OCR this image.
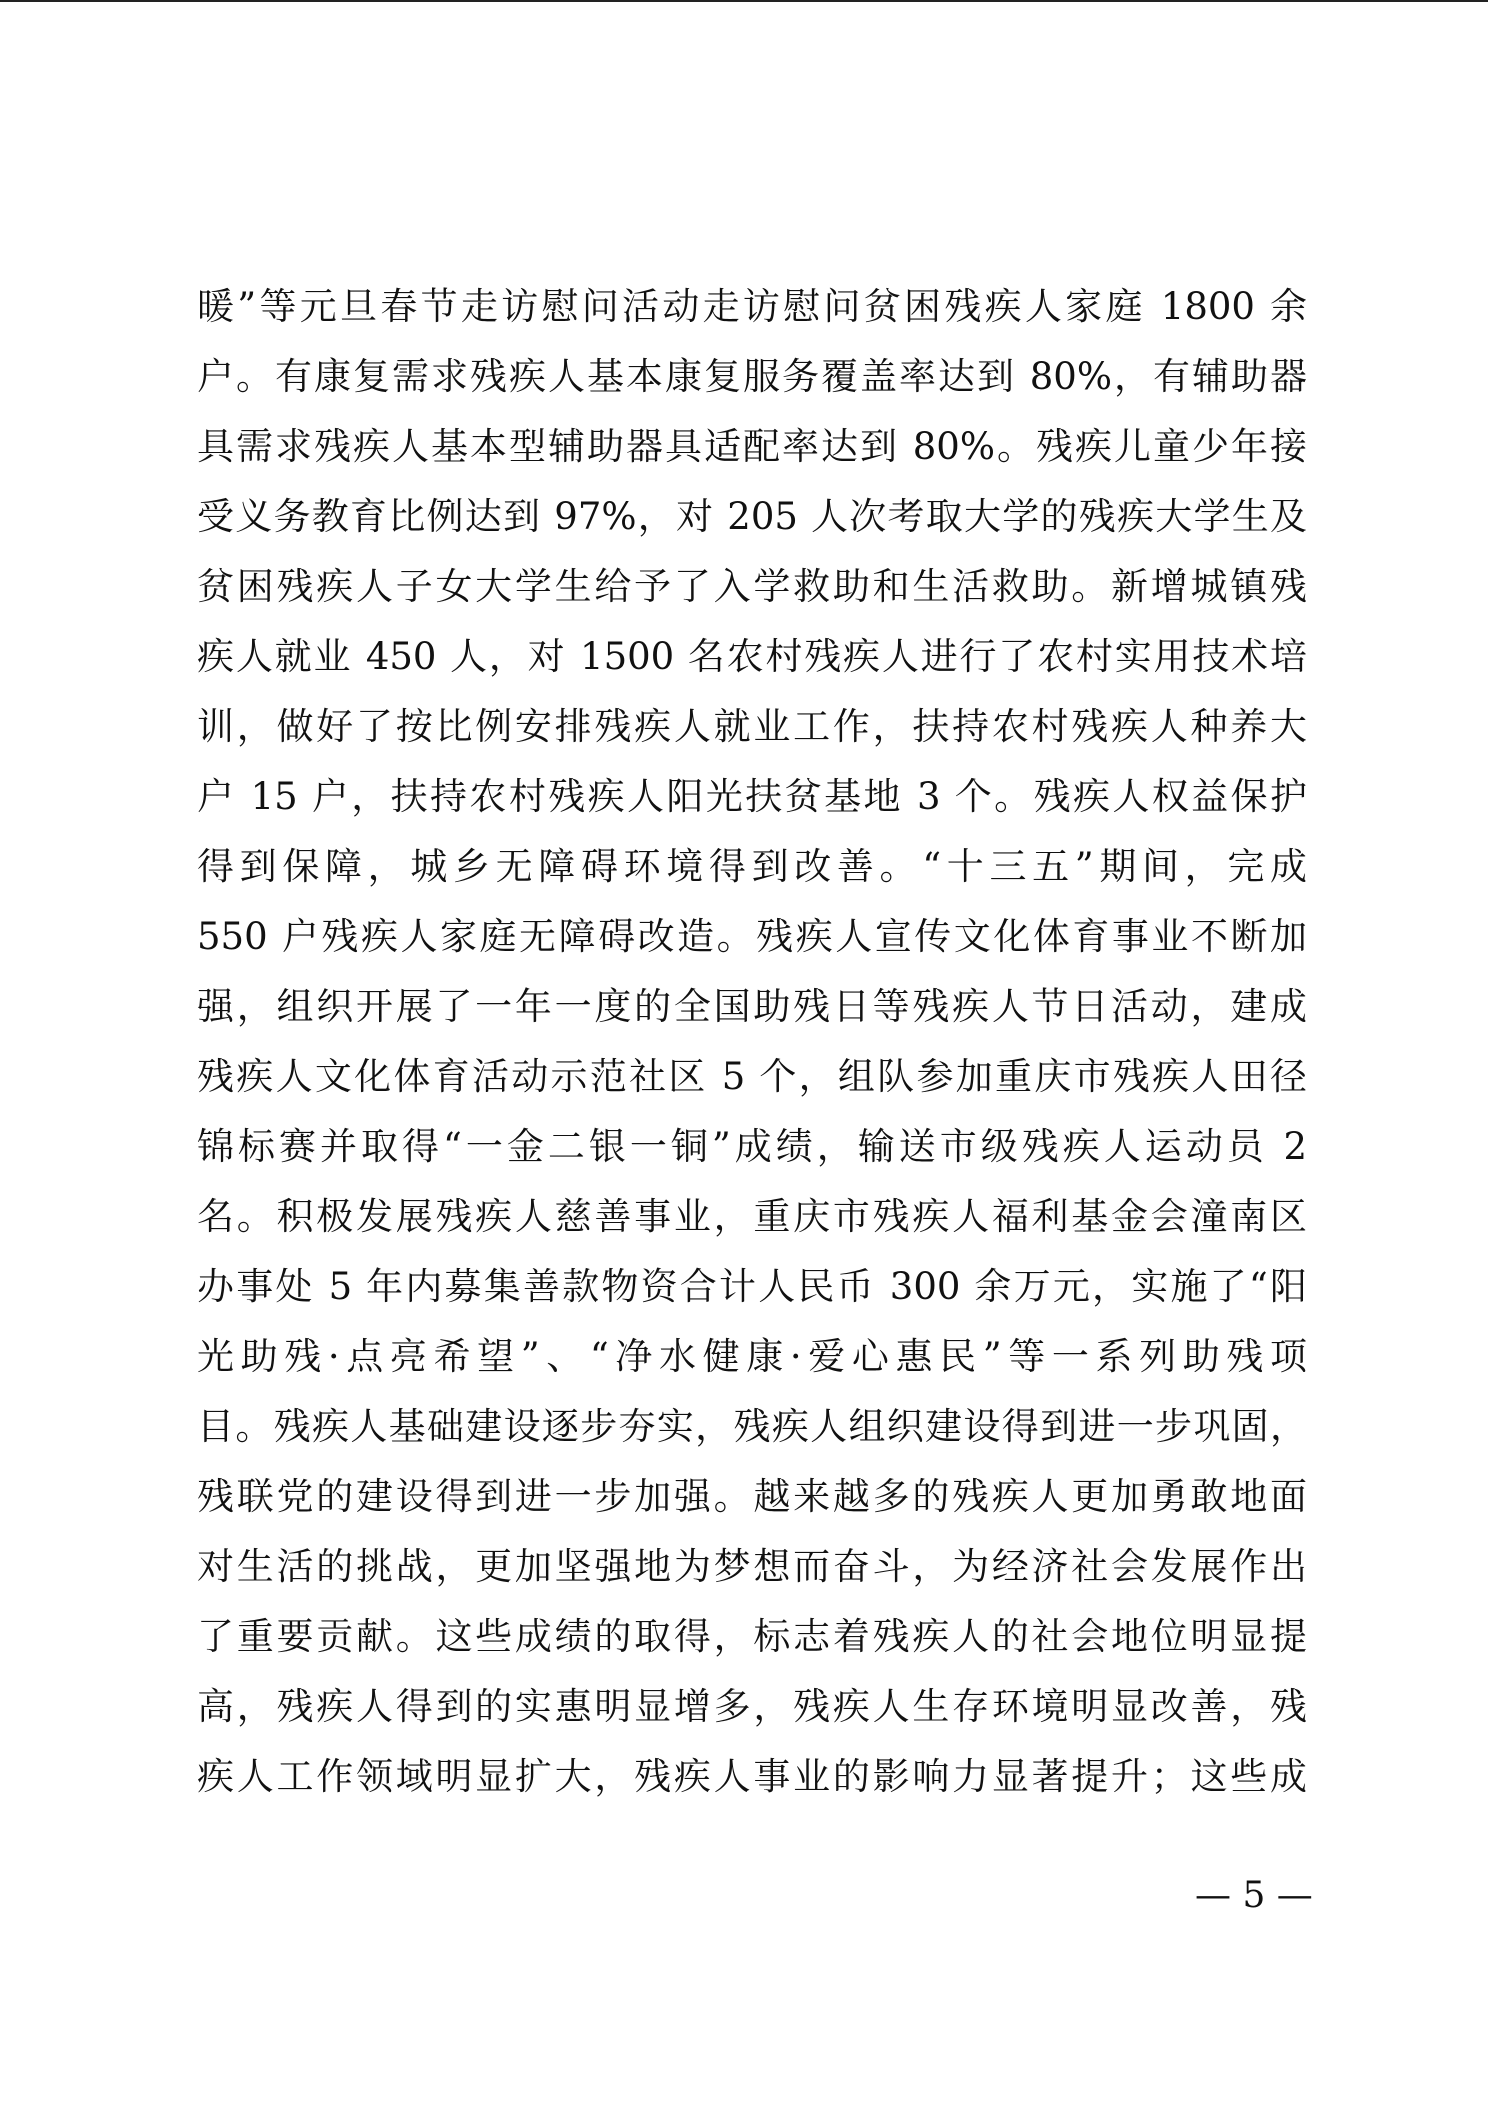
暖”等元旦春节走访慰问活动走访慰问贫困残疾人家庭 1800 余
户。有康复需求残疾人基本康复服务覆盖率达到 80%，有辅助器
具需求残疾人基本型辅助器具适配率达到 80%。残疾儿童少年接
受义务教育比例达到 97%，对 205 人次考取大学的残疾大学生及
贫困残疾人子女大学生给予了入学救助和生活救助。新增城镇残
疾人就业 450 人，对 1500 名农村残疾人进行了农村实用技术培
训，做好了按比例安排残疾人就业工作，扶持农村残疾人种养大
户 15 户，扶持农村残疾人阳光扶贫基地 3 个。残疾人权益保护
得到保障，城乡无障碍环境得到改善。“十三五”期间，完成
550 户残疾人家庭无障碍改造。残疾人宣传文化体育事业不断加
强，组织开展了一年一度的全国助残日等残疾人节日活动，建成
残疾人文化体育活动示范社区 5 个，组队参加重庆市残疾人田径
锦标赛并取得“一金二银一铜”成绩，输送市级残疾人运动员 2
名。积极发展残疾人慈善事业，重庆市残疾人福利基金会潼南区
办事处 5 年内募集善款物资合计人民币 300 余万元，实施了“阳
光助残·点亮希望”、“净水健康·爱心惠民”等一系列助残项
目。残疾人基础建设逐步夯实，残疾人组织建设得到进一步巩固，
残联党的建设得到进一步加强。越来越多的残疾人更加勇敢地面
对生活的挑战，更加坚强地为梦想而奋斗，为经济社会发展作出
了重要贡献。这些成绩的取得，标志着残疾人的社会地位明显提
高，残疾人得到的实惠明显增多，残疾人生存环境明显改善，残
疾人工作领域明显扩大，残疾人事业的影响力显著提升；这些成
— 5 —
